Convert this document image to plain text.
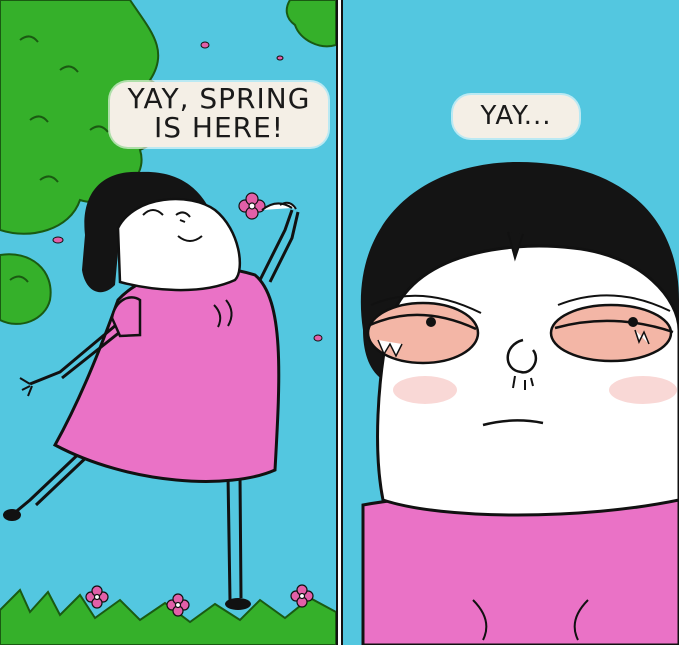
YAY, SPRING IS HERE!	YAY...
